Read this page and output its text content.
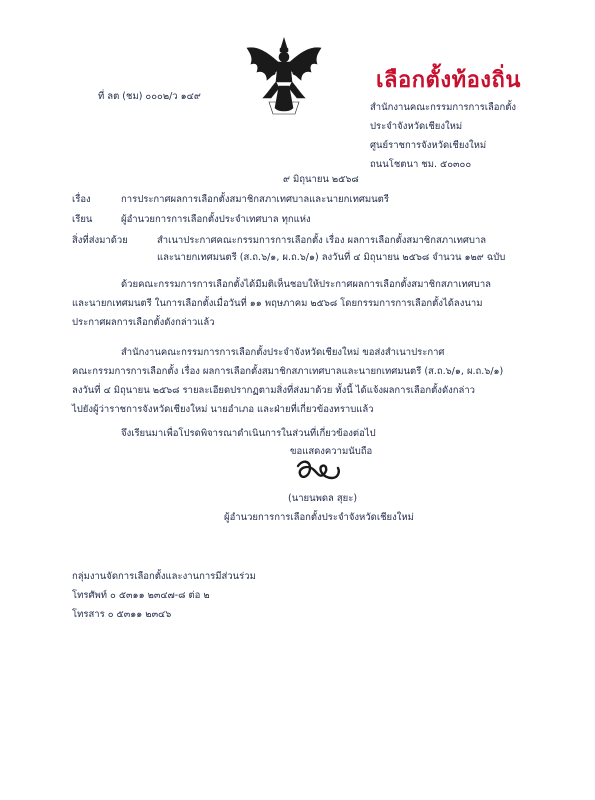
ที่ ลต (ชม) ๐๐๐๒/ว ๑๔๙
เลือกตั้งท้องถิ่น
สำนักงานคณะกรรมการการเลือกตั้ง
ประจำจังหวัดเชียงใหม่
ศูนย์ราชการจังหวัดเชียงใหม่
ถนนโชตนา ชม. ๕๐๓๐๐
๙ มิถุนายน ๒๕๖๘
เรื่อง	การประกาศผลการเลือกตั้งสมาชิกสภาเทศบาลและนายกเทศมนตรี
เรียน	ผู้อำนวยการการเลือกตั้งประจำเทศบาล ทุกแห่ง
สิ่งที่ส่งมาด้วย	สำเนาประกาศคณะกรรมการการเลือกตั้ง เรื่อง ผลการเลือกตั้งสมาชิกสภาเทศบาล
และนายกเทศมนตรี (ส.ถ.๖/๑, ผ.ถ.๖/๑) ลงวันที่ ๔ มิถุนายน ๒๕๖๘ จำนวน ๑๒๙ ฉบับ
ด้วยคณะกรรมการการเลือกตั้งได้มีมติเห็นชอบให้ประกาศผลการเลือกตั้งสมาชิกสภาเทศบาล
และนายกเทศมนตรี ในการเลือกตั้งเมื่อวันที่ ๑๑ พฤษภาคม ๒๕๖๘ โดยกรรมการการเลือกตั้งได้ลงนาม
ประกาศผลการเลือกตั้งดังกล่าวแล้ว
สำนักงานคณะกรรมการการเลือกตั้งประจำจังหวัดเชียงใหม่ ขอส่งสำเนาประกาศ
คณะกรรมการการเลือกตั้ง เรื่อง ผลการเลือกตั้งสมาชิกสภาเทศบาลและนายกเทศมนตรี (ส.ถ.๖/๑, ผ.ถ.๖/๑)
ลงวันที่ ๔ มิถุนายน ๒๕๖๘ รายละเอียดปรากฏตามสิ่งที่ส่งมาด้วย ทั้งนี้ ได้แจ้งผลการเลือกตั้งดังกล่าว
ไปยังผู้ว่าราชการจังหวัดเชียงใหม่ นายอำเภอ และฝ่ายที่เกี่ยวข้องทราบแล้ว
จึงเรียนมาเพื่อโปรดพิจารณาดำเนินการในส่วนที่เกี่ยวข้องต่อไป
ขอแสดงความนับถือ
(นายนพดล สุยะ)
ผู้อำนวยการการเลือกตั้งประจำจังหวัดเชียงใหม่
กลุ่มงานจัดการเลือกตั้งและงานการมีส่วนร่วม
โทรศัพท์ ๐ ๕๓๑๑ ๒๓๔๗-๘ ต่อ ๒
โทรสาร ๐ ๕๓๑๑ ๒๓๔๖
